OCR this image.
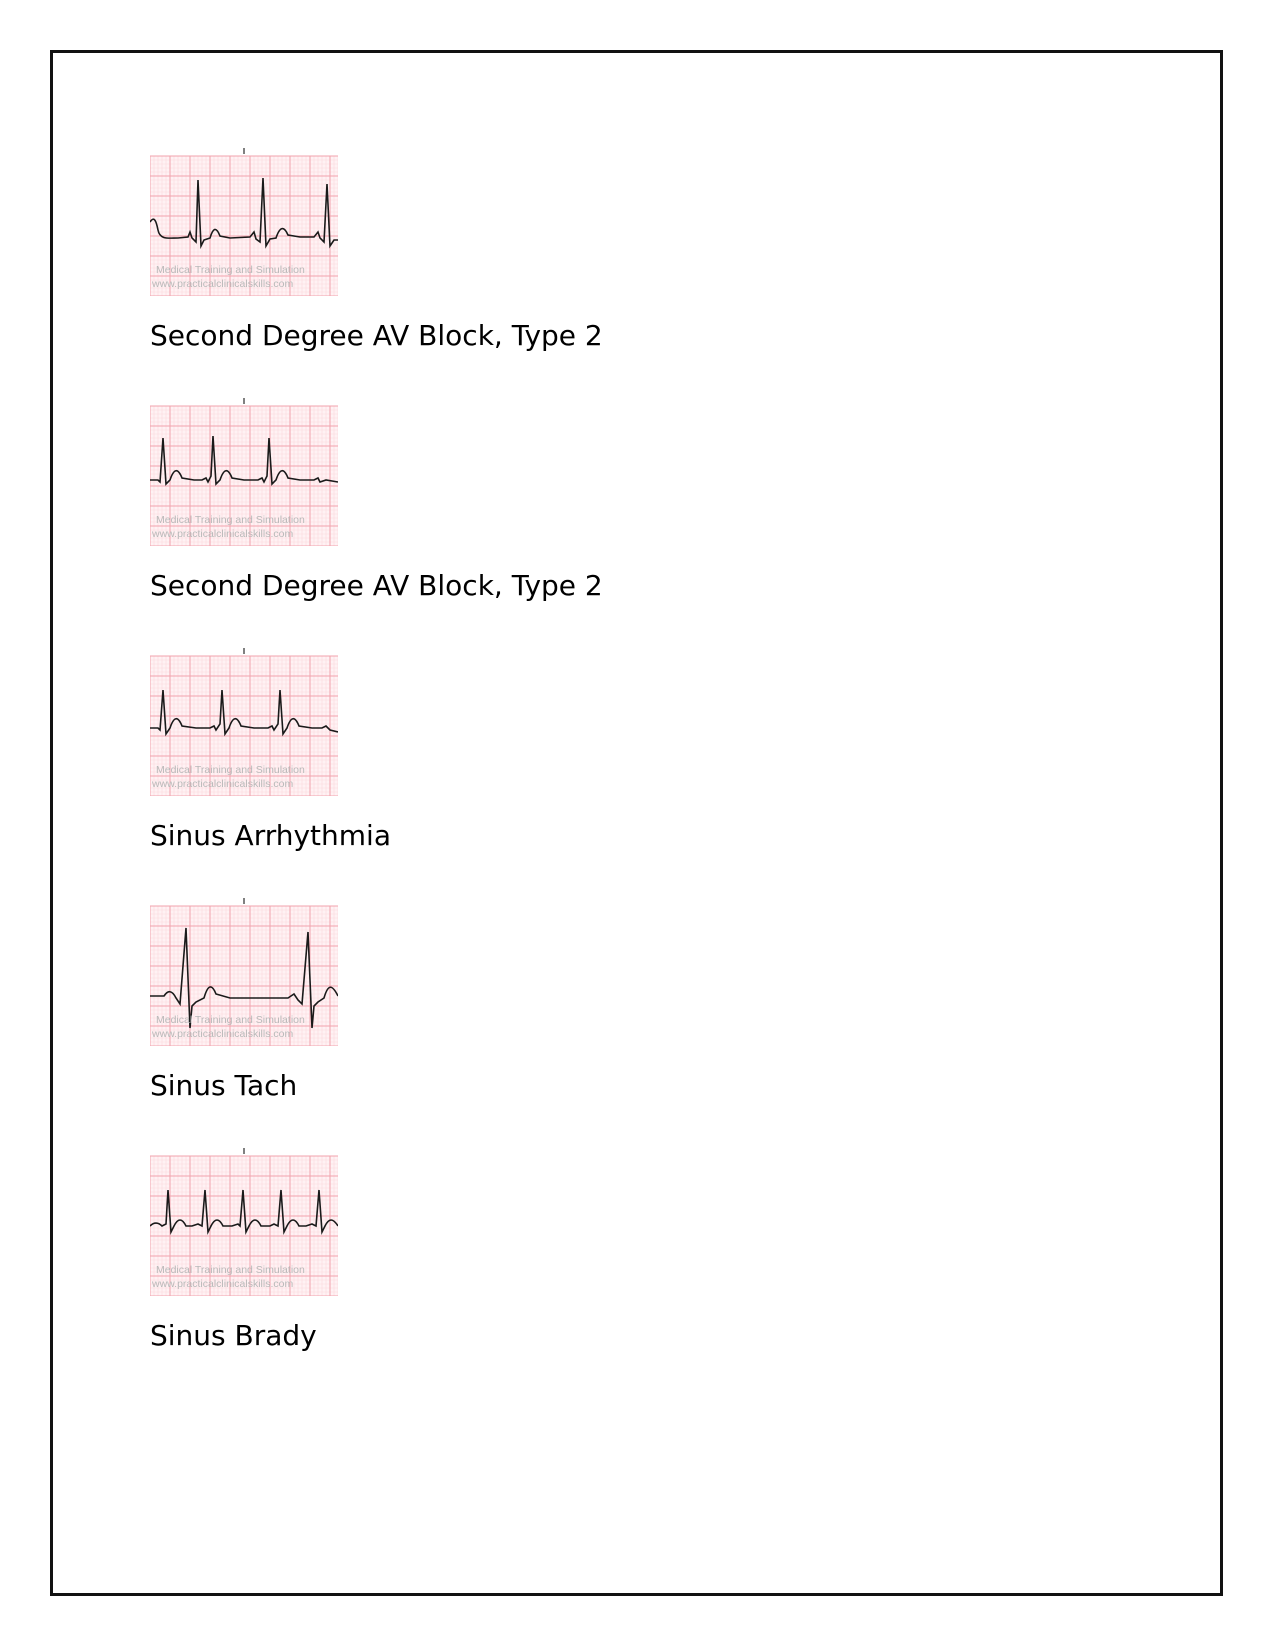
Medical Training and Simulation
www.practicalclinicalskills.com
Second Degree AV Block, Type 2
Medical Training and Simulation
www.practicalclinicalskills.com
Second Degree AV Block, Type 2
Medical Training and Simulation
www.practicalclinicalskills.com
Sinus Arrhythmia
Medical Training and Simulation
www.practicalclinicalskills.com
Sinus Tach
Medical Training and Simulation
www.practicalclinicalskills.com
Sinus Brady
